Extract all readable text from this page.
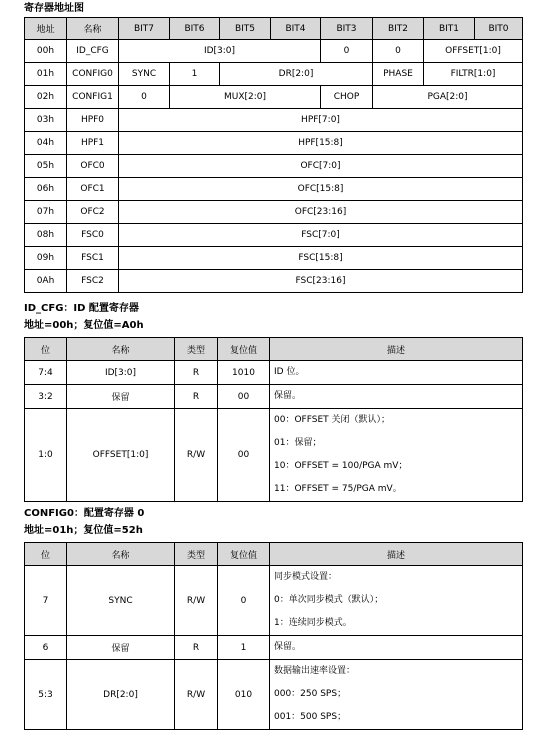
寄存器地址图
地址	名称	BIT7	BIT6	BIT5	BIT4	BIT3	BIT2	BIT1	BIT0
00h	ID_CFG	ID[3:0]				0	0	OFFSET[1:0]	
01h	CONFIG0	SYNC	1	DR[2:0]			PHASE	FILTR[1:0]	
02h	CONFIG1	0	MUX[2:0]			CHOP	PGA[2:0]		
03h	HPF0	HPF[7:0]							
04h	HPF1	HPF[15:8]							
05h	OFC0	OFC[7:0]							
06h	OFC1	OFC[15:8]							
07h	OFC2	OFC[23:16]							
08h	FSC0	FSC[7:0]							
09h	FSC1	FSC[15:8]							
0Ah	FSC2	FSC[23:16]							
ID_CFG：ID 配置寄存器
地址=00h；复位值=A0h
位	名称	类型	复位值	描述
7:4	ID[3:0]	R	1010	ID 位。

3:2	保留	R	00	保留。

1:0	OFFSET[1:0]	R/W	00	00：OFFSET 关闭（默认）；
01：保留；
10：OFFSET = 100/PGA mV；
11：OFFSET = 75/PGA mV。
CONFIG0：配置寄存器 0
地址=01h；复位值=52h
位	名称	类型	复位值	描述
7	SYNC	R/W	0	同步模式设置：
0：单次同步模式（默认）；
1：连续同步模式。

6	保留	R	1	保留。

5:3	DR[2:0]	R/W	010	数据输出速率设置：
000：250 SPS；
001：500 SPS；
